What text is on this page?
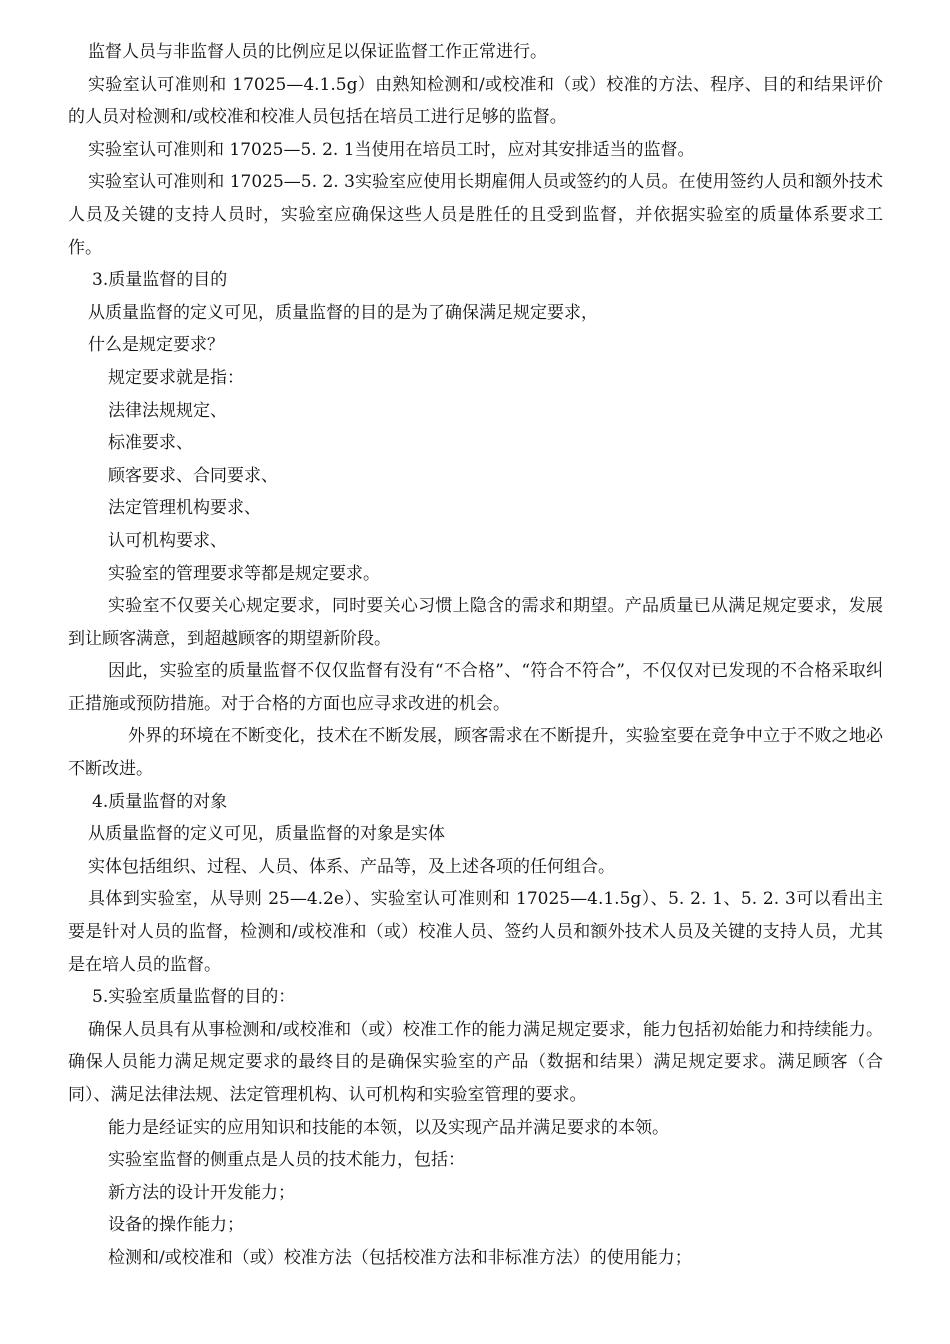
监督人员与非监督人员的比例应足以保证监督工作正常进行。

实验室认可准则和 17025—4.1.5g）由熟知检测和/或校准和（或）校准的方法、程序、目的和结果评价的人员对检测和/或校准和校准人员包括在培员工进行足够的监督。

实验室认可准则和 17025—5. 2. 1当使用在培员工时，应对其安排适当的监督。

实验室认可准则和 17025—5. 2. 3实验室应使用长期雇佣人员或签约的人员。在使用签约人员和额外技术人员及关键的支持人员时，实验室应确保这些人员是胜任的且受到监督，并依据实验室的质量体系要求工作。

3.质量监督的目的

从质量监督的定义可见，质量监督的目的是为了确保满足规定要求，

什么是规定要求？

规定要求就是指：

法律法规规定、

标准要求、

顾客要求、合同要求、

法定管理机构要求、

认可机构要求、

实验室的管理要求等都是规定要求。

实验室不仅要关心规定要求，同时要关心习惯上隐含的需求和期望。产品质量已从满足规定要求，发展到让顾客满意，到超越顾客的期望新阶段。

因此，实验室的质量监督不仅仅监督有没有“不合格”、“符合不符合”，不仅仅对已发现的不合格采取纠正措施或预防措施。对于合格的方面也应寻求改进的机会。

外界的环境在不断变化，技术在不断发展，顾客需求在不断提升，实验室要在竞争中立于不败之地必不断改进。

4.质量监督的对象

从质量监督的定义可见，质量监督的对象是实体

实体包括组织、过程、人员、体系、产品等，及上述各项的任何组合。

具体到实验室，从导则 25—4.2e）、实验室认可准则和 17025—4.1.5g）、5. 2. 1、5. 2. 3可以看出主要是针对人员的监督，检测和/或校准和（或）校准人员、签约人员和额外技术人员及关键的支持人员，尤其是在培人员的监督。

5.实验室质量监督的目的：

确保人员具有从事检测和/或校准和（或）校准工作的能力满足规定要求，能力包括初始能力和持续能力。确保人员能力满足规定要求的最终目的是确保实验室的产品（数据和结果）满足规定要求。满足顾客（合同）、满足法律法规、法定管理机构、认可机构和实验室管理的要求。

能力是经证实的应用知识和技能的本领，以及实现产品并满足要求的本领。

实验室监督的侧重点是人员的技术能力，包括：

新方法的设计开发能力；

设备的操作能力；

检测和/或校准和（或）校准方法（包括校准方法和非标准方法）的使用能力；
